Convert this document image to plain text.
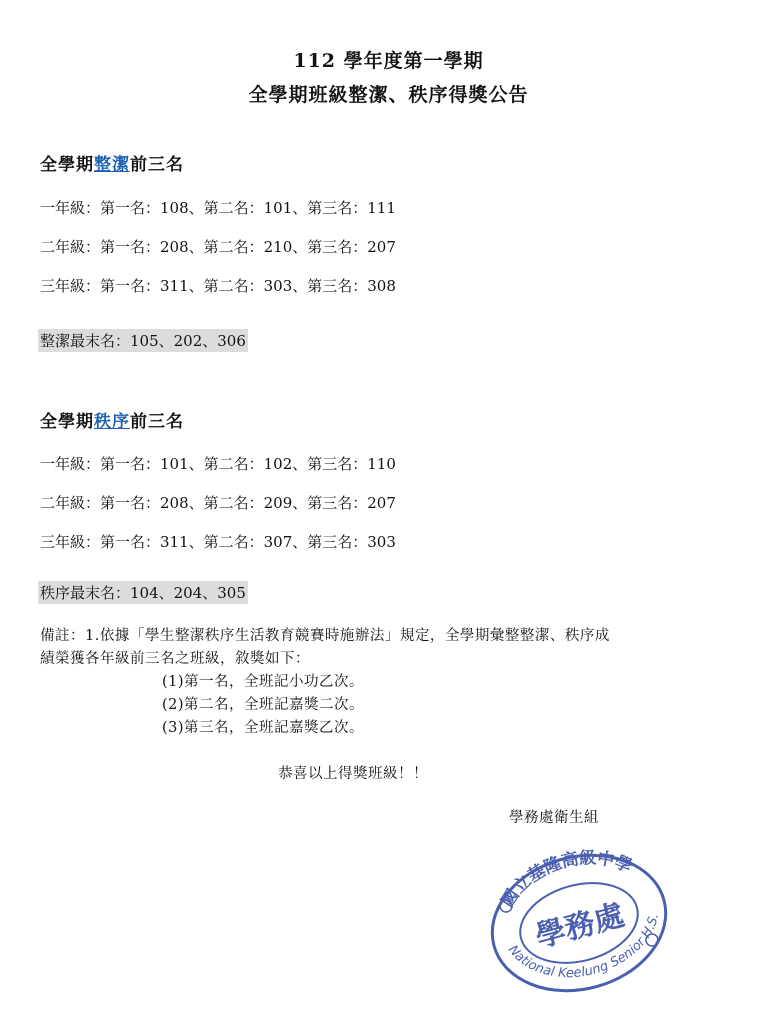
112 學年度第一學期
全學期班級整潔、秩序得獎公告
全學期整潔前三名
一年級：第一名：108、第二名：101、第三名：111
二年級：第一名：208、第二名：210、第三名：207
三年級：第一名：311、第二名：303、第三名：308
整潔最末名：105、202、306
全學期秩序前三名
一年級：第一名：101、第二名：102、第三名：110
二年級：第一名：208、第二名：209、第三名：207
三年級：第一名：311、第二名：307、第三名：303
秩序最末名：104、204、305
備註：1.依據「學生整潔秩序生活教育競賽時施辦法」規定，全學期彙整整潔、秩序成
績榮獲各年級前三名之班級，敘獎如下：
(1)第一名，全班記小功乙次。
(2)第二名，全班記嘉獎二次。
(3)第三名，全班記嘉獎乙次。
恭喜以上得獎班級！！
學務處衛生組
國立基隆高級中學
National Keelung Senior H.S.
學務處
